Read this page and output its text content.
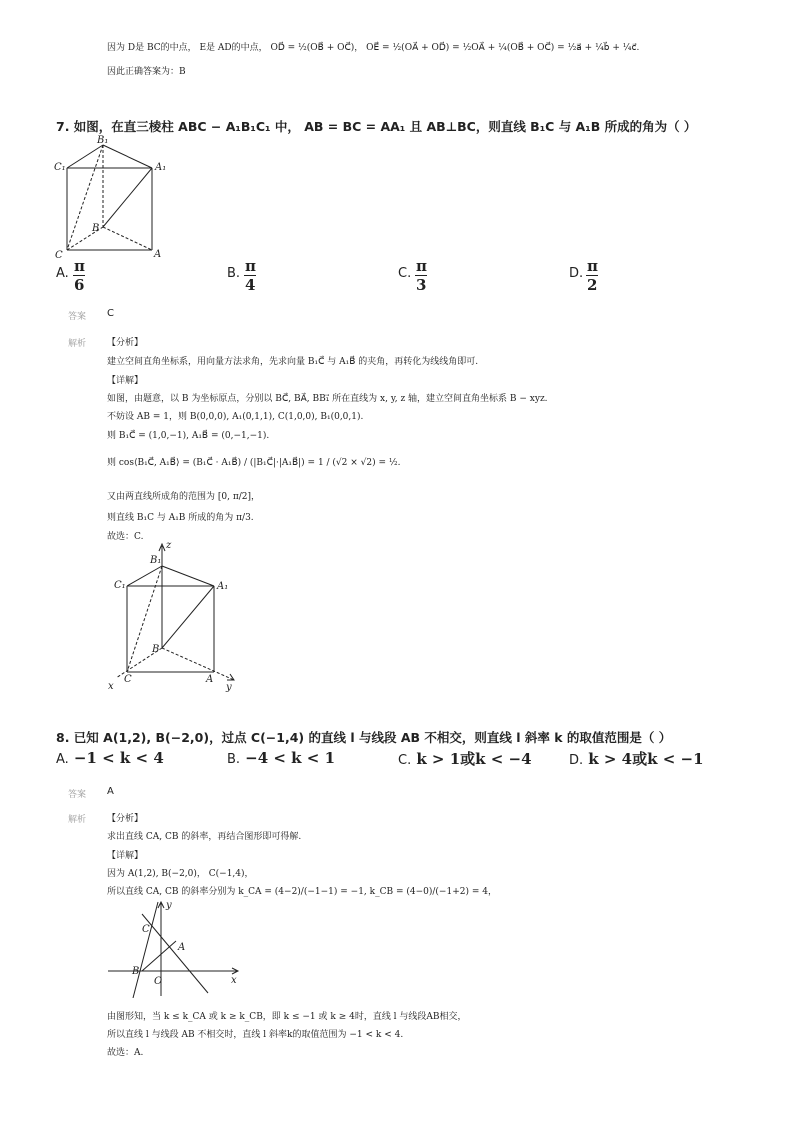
因为 D是 BC的中点， E是 AD的中点， OD⃗ = ½(OB⃗ + OC⃗)， OE⃗ = ½(OA⃗ + OD⃗) = ½OA⃗ + ¼(OB⃗ + OC⃗) = ½a⃗ + ¼b⃗ + ¼c⃗.
因此正确答案为：B
7. 如图，在直三棱柱 ABC − A₁B₁C₁ 中， AB = BC = AA₁ 且 AB⊥BC，则直线 B₁C 与 A₁B 所成的角为（ ）
B₁
C₁	A₁
B
C	A
A. π
6
B. π
4
C. π
3
D. π
2
答案 C
解析 【分析】
建立空间直角坐标系，用向量方法求角，先求向量 B₁C⃗ 与 A₁B⃗ 的夹角，再转化为线线角即可.
【详解】
如图，由题意，以 B 为坐标原点，分别以 BC⃗, BA⃗, BB₁⃗ 所在直线为 x, y, z 轴，建立空间直角坐标系 B − xyz.
不妨设 AB = 1，则 B(0,0,0), A₁(0,1,1), C(1,0,0), B₁(0,0,1).
则 B₁C⃗ = (1,0,−1), A₁B⃗ = (0,−1,−1).
则 cos⟨B₁C⃗, A₁B⃗⟩ = (B₁C⃗ · A₁B⃗) / (|B₁C⃗|·|A₁B⃗|) = 1 / (√2 × √2) = ½.
又由两直线所成角的范围为 [0, π/2]，
则直线 B₁C 与 A₁B 所成的角为 π/3.
故选：C.
z
B₁
C₁	A₁
B
C	A
x	y
8. 已知 A(1,2), B(−2,0)，过点 C(−1,4) 的直线 l 与线段 AB 不相交，则直线 l 斜率 k 的取值范围是（ ）
A. −1 < k < 4	B. −4 < k < 1	C. k > 1或k < −4	D. k > 4或k < −1
答案 A
解析 【分析】
求出直线 CA, CB 的斜率，再结合图形即可得解.
【详解】
因为 A(1,2), B(−2,0)， C(−1,4)，
所以直线 CA, CB 的斜率分别为 k_CA = (4−2)/(−1−1) = −1, k_CB = (4−0)/(−1+2) = 4，
y
C
A
B
O	x
由图形知，当 k ≤ k_CA 或 k ≥ k_CB，即 k ≤ −1 或 k ≥ 4时，直线 l 与线段AB相交，
所以直线 l 与线段 AB 不相交时，直线 l 斜率k的取值范围为 −1 < k < 4.
故选：A.
